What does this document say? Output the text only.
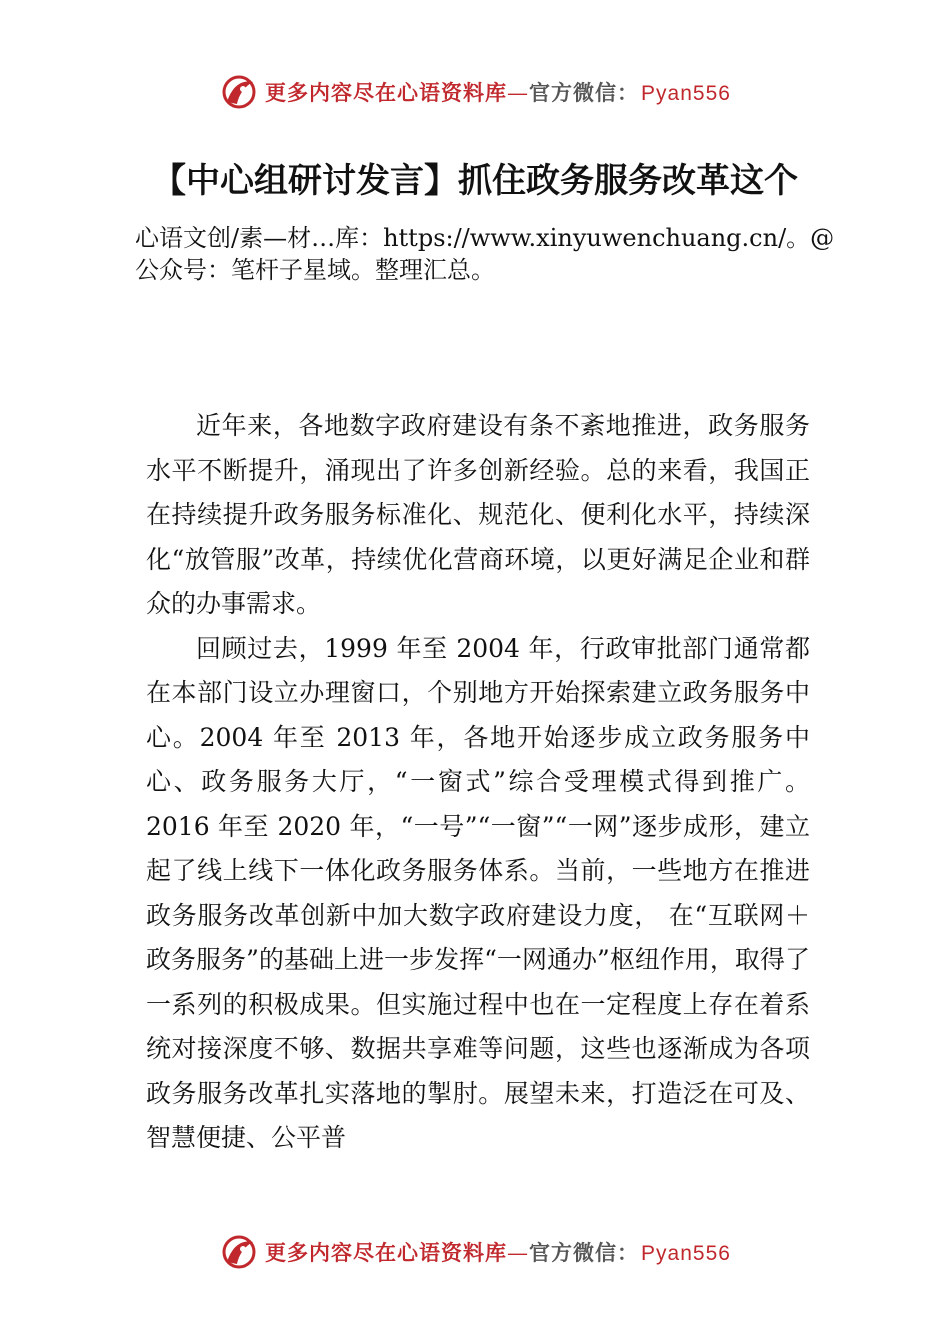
更多内容尽在心语资料库—官方微信：Pyan556
【中心组研讨发言】抓住政务服务改革这个
心语文创/素—材…库：https://www.xinyuwenchuang.cn/。@公众号：笔杆子星域。整理汇总。

近年来，各地数字政府建设有条不紊地推进，政务服务水平不断提升，涌现出了许多创新经验。总的来看，我国正在持续提升政务服务标准化、规范化、便利化水平，持续深化“放管服”改革，持续优化营商环境，以更好满足企业和群众的办事需求。

回顾过去，1999 年至 2004 年，行政审批部门通常都在本部门设立办理窗口，个别地方开始探索建立政务服务中心。2004 年至 2013 年，各地开始逐步成立政务服务中心、政务服务大厅，“一窗式”综合受理模式得到推广。 2016 年至 2020 年，“一号”“一窗”“一网”逐步成形，建立起了线上线下一体化政务服务体系。当前，一些地方在推进政务服务改革创新中加大数字政府建设力度， 在“互联网＋政务服务”的基础上进一步发挥“一网通办”枢纽作用，取得了一系列的积极成果。但实施过程中也在一定程度上存在着系统对接深度不够、数据共享难等问题，这些也逐渐成为各项政务服务改革扎实落地的掣肘。展望未来，打造泛在可及、智慧便捷、公平普

更多内容尽在心语资料库—官方微信：Pyan556
